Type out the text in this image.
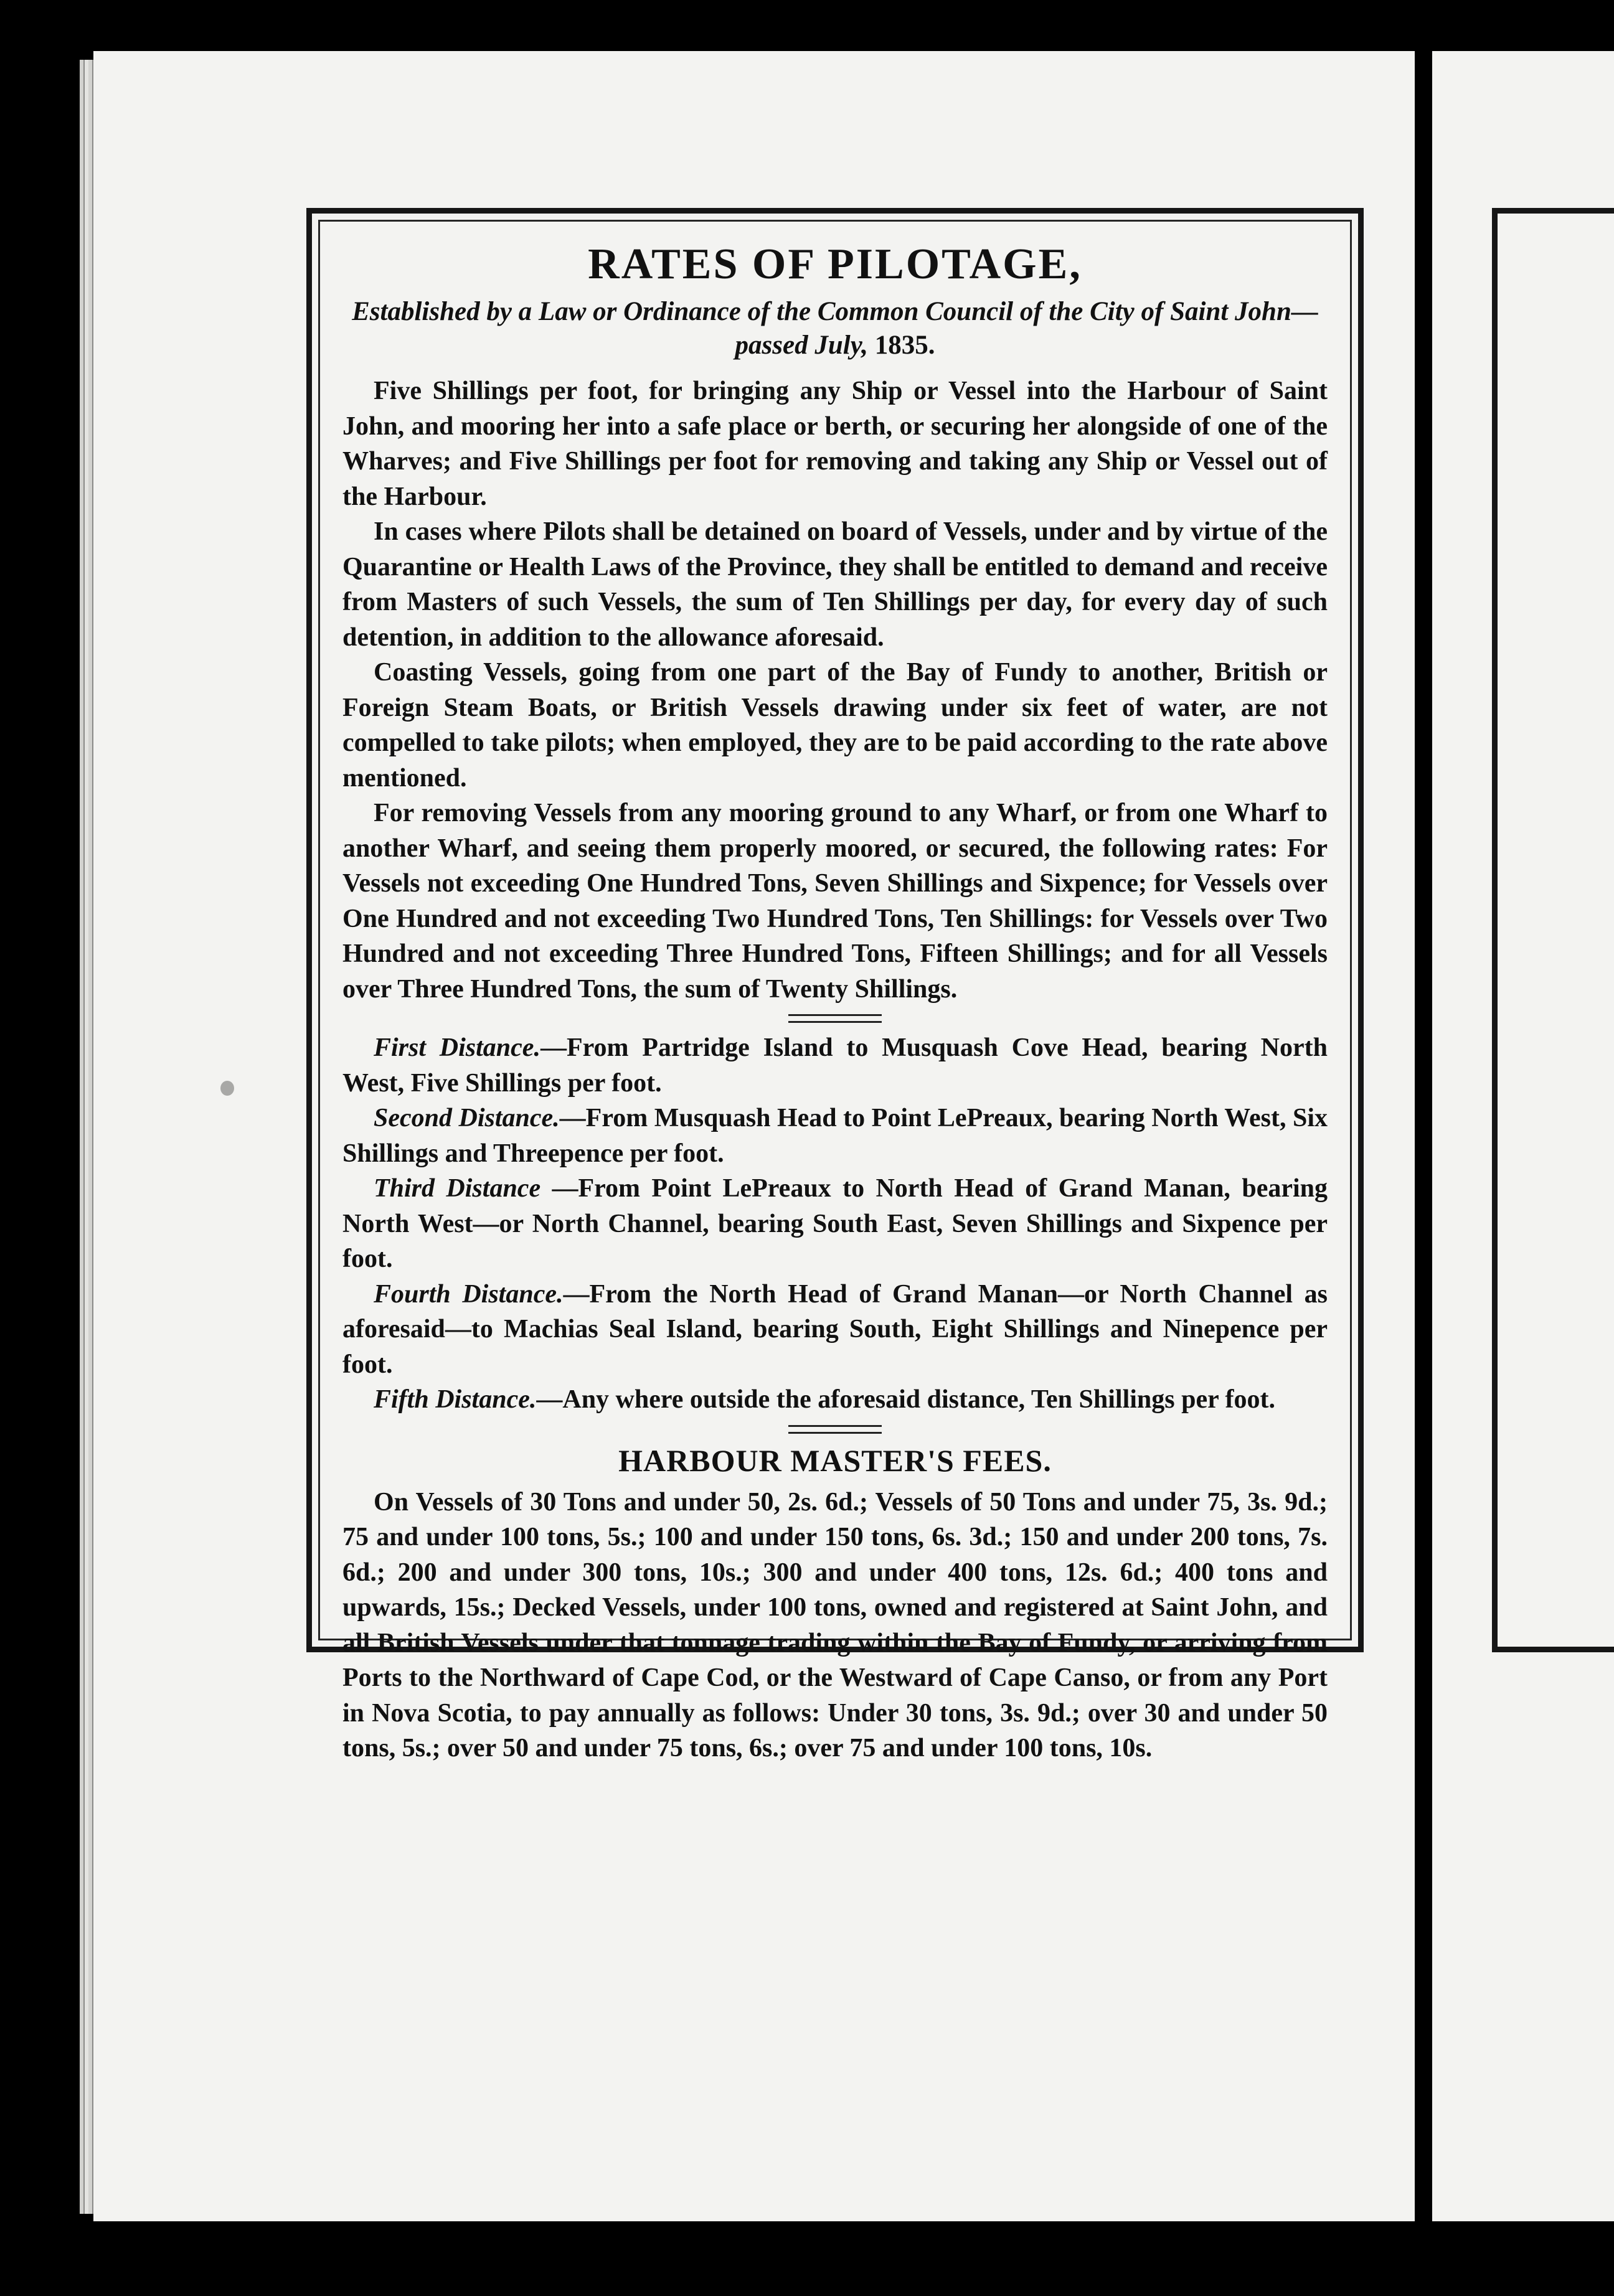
RATES OF PILOTAGE,
Established by a Law or Ordinance of the Common Council of the City of Saint John—passed July, 1835.

Five Shillings per foot, for bringing any Ship or Vessel into the Harbour of Saint John, and mooring her into a safe place or berth, or securing her alongside of one of the Wharves; and Five Shillings per foot for removing and taking any Ship or Vessel out of the Harbour.

In cases where Pilots shall be detained on board of Vessels, under and by virtue of the Quarantine or Health Laws of the Province, they shall be entitled to demand and receive from Masters of such Vessels, the sum of Ten Shillings per day, for every day of such detention, in addition to the allowance aforesaid.

Coasting Vessels, going from one part of the Bay of Fundy to another, British or Foreign Steam Boats, or British Vessels drawing under six feet of water, are not compelled to take pilots; when employed, they are to be paid according to the rate above mentioned.

For removing Vessels from any mooring ground to any Wharf, or from one Wharf to another Wharf, and seeing them properly moored, or secured, the following rates: For Vessels not exceeding One Hundred Tons, Seven Shillings and Sixpence; for Vessels over One Hundred and not exceeding Two Hundred Tons, Ten Shillings: for Vessels over Two Hundred and not exceeding Three Hundred Tons, Fifteen Shillings; and for all Vessels over Three Hundred Tons, the sum of Twenty Shillings.

First Distance.—From Partridge Island to Musquash Cove Head, bearing North West, Five Shillings per foot.

Second Distance.—From Musquash Head to Point LePreaux, bearing North West, Six Shillings and Threepence per foot.

Third Distance —From Point LePreaux to North Head of Grand Manan, bearing North West—or North Channel, bearing South East, Seven Shillings and Sixpence per foot.

Fourth Distance.—From the North Head of Grand Manan—or North Channel as aforesaid—to Machias Seal Island, bearing South, Eight Shillings and Ninepence per foot.

Fifth Distance.—Any where outside the aforesaid distance, Ten Shillings per foot.

HARBOUR MASTER'S FEES.

On Vessels of 30 Tons and under 50, 2s. 6d.; Vessels of 50 Tons and under 75, 3s. 9d.; 75 and under 100 tons, 5s.; 100 and under 150 tons, 6s. 3d.; 150 and under 200 tons, 7s. 6d.; 200 and under 300 tons, 10s.; 300 and under 400 tons, 12s. 6d.; 400 tons and upwards, 15s.; Decked Vessels, under 100 tons, owned and registered at Saint John, and all British Vessels under that tonnage trading within the Bay of Fundy, or arriving from Ports to the Northward of Cape Cod, or the Westward of Cape Canso, or from any Port in Nova Scotia, to pay annually as follows: Under 30 tons, 3s. 9d.; over 30 and under 50 tons, 5s.; over 50 and under 75 tons, 6s.; over 75 and under 100 tons, 10s.
